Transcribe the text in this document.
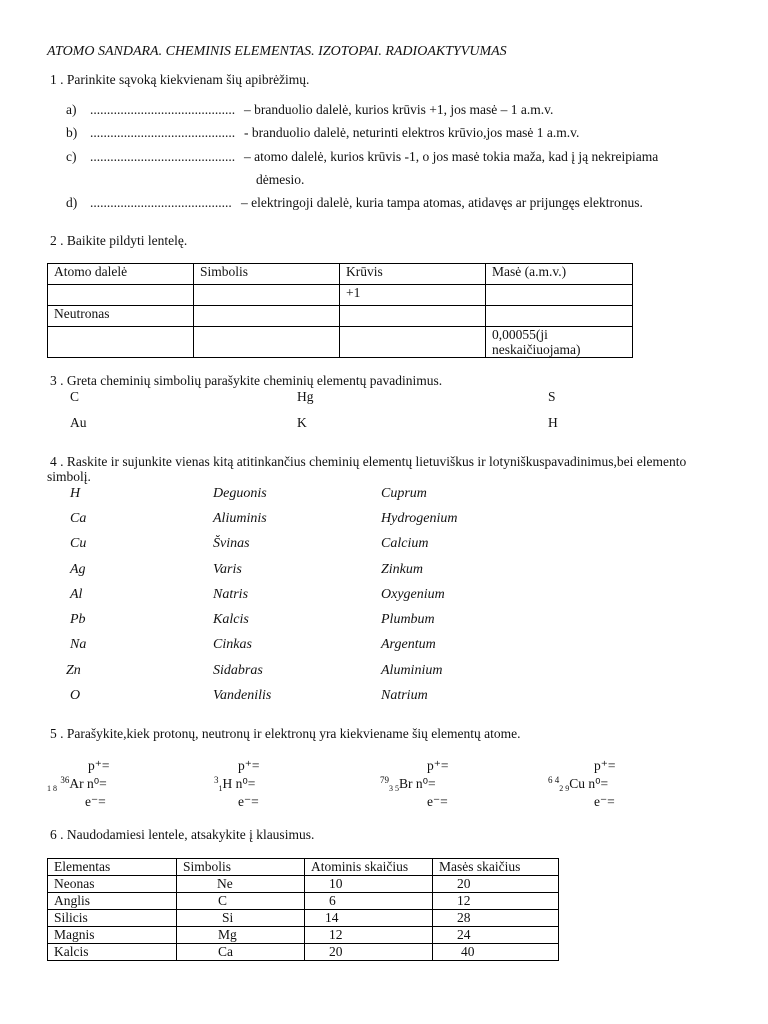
ATOMO SANDARA. CHEMINIS ELEMENTAS. IZOTOPAI. RADIOAKTYVUMAS
1 . Parinkite sąvoką kiekvienam šių apibrėžimų.
a) ........................................... – branduolio dalelė, kurios krūvis +1, jos masė – 1 a.m.v.
b) ........................................... - branduolio dalelė, neturinti elektros krūvio,jos masė 1 a.m.v.
c) ........................................... – atomo dalelė, kurios krūvis -1, o jos masė tokia maža, kad į ją nekreipiama
dėmesio.
d) .......................................... – elektringoji dalelė, kuria tampa atomas, atidavęs ar prijungęs elektronus.
2 . Baikite pildyti lentelę.
Atomo dalelė	Simbolis	Krūvis	Masė (a.m.v.)
		+1	
Neutronas			
			0,00055(ji neskaičiuojama)
3 . Greta cheminių simbolių parašykite cheminių elementų pavadinimus.
C	Hg	S
Au	K	H
4 . Raskite ir sujunkite vienas kitą atitinkančius cheminių elementų lietuviškus ir lotyniškuspavadinimus,bei elemento
simbolį.
H	Deguonis	Cuprum
Ca	Aliuminis	Hydrogenium
Cu	Švinas	Calcium
Ag	Varis	Zinkum
Al	Natris	Oxygenium
Pb	Kalcis	Plumbum
Na	Cinkas	Argentum
Zn	Sidabras	Aluminium
O	Vandenilis	Natrium
5 . Parašykite,kiek protonų, neutronų ir elektronų yra kiekviename šių elementų atome.
p⁺=
$_{1 8}$ $^{36}$Ar n⁰=
e⁻=
p⁺=
$^3_1$H n⁰=
e⁻=
p⁺=
$^{79}_{3 5}$Br n⁰=
e⁻=
p⁺=
$^{6 4}_{2 9}$Cu n⁰=
e⁻=
6 . Naudodamiesi lentele, atsakykite į klausimus.
Elementas	Simbolis	Atominis skaičius	Masės skaičius
Neonas	Ne	10	20
Anglis	C	6	12
Silicis	Si	14	28
Magnis	Mg	12	24
Kalcis	Ca	20	40
